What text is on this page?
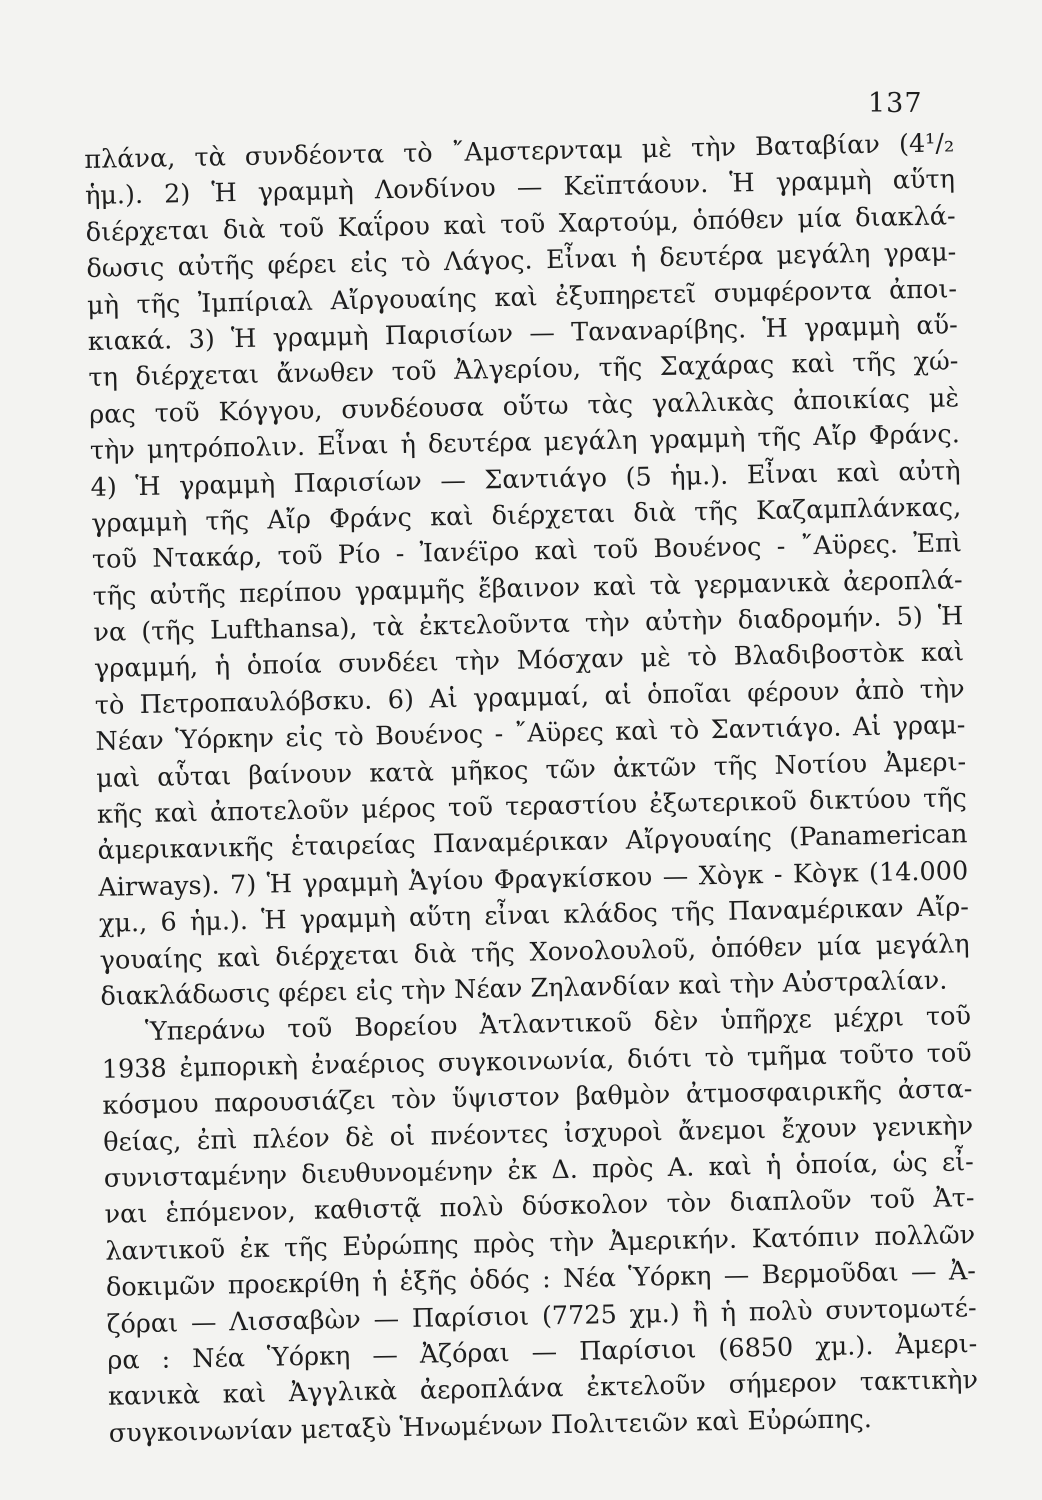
137
πλάνα, τὰ συνδέοντα τὸ ῎Αμστερνταμ μὲ τὴν Βαταβίαν (4¹/₂
ἡμ.). 2) Ἡ γραμμὴ Λονδίνου — Κεϊπτάουν. Ἡ γραμμὴ αὕτη
διέρχεται διὰ τοῦ Καΐρου καὶ τοῦ Χαρτούμ, ὁπόθεν μία διακλά-
δωσις αὐτῆς φέρει εἰς τὸ Λάγος. Εἶναι ἡ δευτέρα μεγάλη γραμ-
μὴ τῆς Ἰμπίριαλ Αἴργουαίης καὶ ἐξυπηρετεῖ συμφέροντα ἀποι-
κιακά. 3) Ἡ γραμμὴ Παρισίων — Τανανaρίβης. Ἡ γραμμὴ αὕ-
τη διέρχεται ἄνωθεν τοῦ Ἀλγερίου, τῆς Σαχάρας καὶ τῆς χώ-
ρας τοῦ Κόγγου, συνδέουσα οὕτω τὰς γαλλικὰς ἀποικίας μὲ
τὴν μητρόπολιν. Εἶναι ἡ δευτέρα μεγάλη γραμμὴ τῆς Αἴρ Φράνς.
4) Ἡ γραμμὴ Παρισίων — Σαντιάγο (5 ἡμ.). Εἶναι καὶ αὐτὴ
γραμμὴ τῆς Αἴρ Φράνς καὶ διέρχεται διὰ τῆς Καζαμπλάνκας,
τοῦ Ντακάρ, τοῦ Ρίο - Ἰανέϊρο καὶ τοῦ Βουένος - ῎Αϋρες. Ἐπὶ
τῆς αὐτῆς περίπου γραμμῆς ἔβαινον καὶ τὰ γερμανικὰ ἀεροπλά-
να (τῆς Lufthansa), τὰ ἐκτελοῦντα τὴν αὐτὴν διαδρομήν. 5) Ἡ
γραμμή, ἡ ὁποία συνδέει τὴν Μόσχαν μὲ τὸ Βλαδιβοστὸκ καὶ
τὸ Πετροπαυλόβσκυ. 6) Αἱ γραμμαί, αἱ ὁποῖαι φέρουν ἀπὸ τὴν
Νέαν Ὑόρκην εἰς τὸ Βουένος - ῎Αϋρες καὶ τὸ Σαντιάγο. Αἱ γραμ-
μαὶ αὗται βαίνουν κατὰ μῆκος τῶν ἀκτῶν τῆς Νοτίου Ἀμερι-
κῆς καὶ ἀποτελοῦν μέρος τοῦ τεραστίου ἐξωτερικοῦ δικτύου τῆς
ἀμερικανικῆς ἑταιρείας Παναμέρικαν Αἴργουαίης (Panamerican
Airways). 7) Ἡ γραμμὴ Ἁγίου Φραγκίσκου — Χὸγκ - Κὸγκ (14.000
χμ., 6 ἡμ.). Ἡ γραμμὴ αὕτη εἶναι κλάδος τῆς Παναμέρικαν Αἴρ-
γουαίης καὶ διέρχεται διὰ τῆς Χονολουλοῦ, ὁπόθεν μία μεγάλη
διακλάδωσις φέρει εἰς τὴν Νέαν Ζηλανδίαν καὶ τὴν Αὐστραλίαν.
Ὑπεράνω τοῦ Βορείου Ἀτλαντικοῦ δὲν ὑπῆρχε μέχρι τοῦ
1938 ἐμπορικὴ ἐναέριος συγκοινωνία, διότι τὸ τμῆμα τοῦτο τοῦ
κόσμου παρουσιάζει τὸν ὕψιστον βαθμὸν ἀτμοσφαιρικῆς ἀστα-
θείας, ἐπὶ πλέον δὲ οἱ πνέοντες ἰσχυροὶ ἄνεμοι ἔχουν γενικὴν
συνισταμένην διευθυνομένην ἐκ Δ. πρὸς Α. καὶ ἡ ὁποία, ὡς εἶ-
ναι ἑπόμενον, καθιστᾷ πολὺ δύσκολον τὸν διαπλοῦν τοῦ Ἀτ-
λαντικοῦ ἐκ τῆς Εὐρώπης πρὸς τὴν Ἀμερικήν. Κατόπιν πολλῶν
δοκιμῶν προεκρίθη ἡ ἑξῆς ὁδός : Νέα Ὑόρκη — Βερμοῦδαι — Ἀ-
ζόραι — Λισσαβὼν — Παρίσιοι (7725 χμ.) ἢ ἡ πολὺ συντομωτέ-
ρα : Νέα Ὑόρκη — Ἀζόραι — Παρίσιοι (6850 χμ.). Ἀμερι-
κανικὰ καὶ Ἀγγλικὰ ἀεροπλάνα ἐκτελοῦν σήμερον τακτικὴν
συγκοινωνίαν μεταξὺ Ἡνωμένων Πολιτειῶν καὶ Εὐρώπης.
